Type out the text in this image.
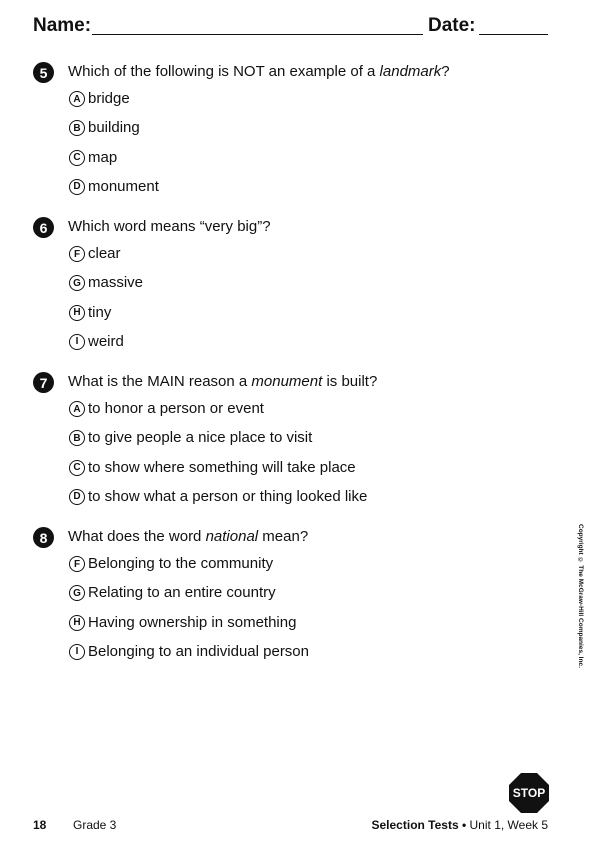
Name:	Date:
5	Which of the following is NOT an example of a landmark?
A bridge
B building
C map
D monument
6	Which word means “very big”?
F clear
G massive
H tiny
I weird
7	What is the MAIN reason a monument is built?
A to honor a person or event
B to give people a nice place to visit
C to show where something will take place
D to show what a person or thing looked like
8	What does the word national mean?
F Belonging to the community
G Relating to an entire country
H Having ownership in something
I Belonging to an individual person	Copyright © The McGraw-Hill Companies, Inc.
STOP
18 Grade 3	Selection Tests • Unit 1, Week 5
